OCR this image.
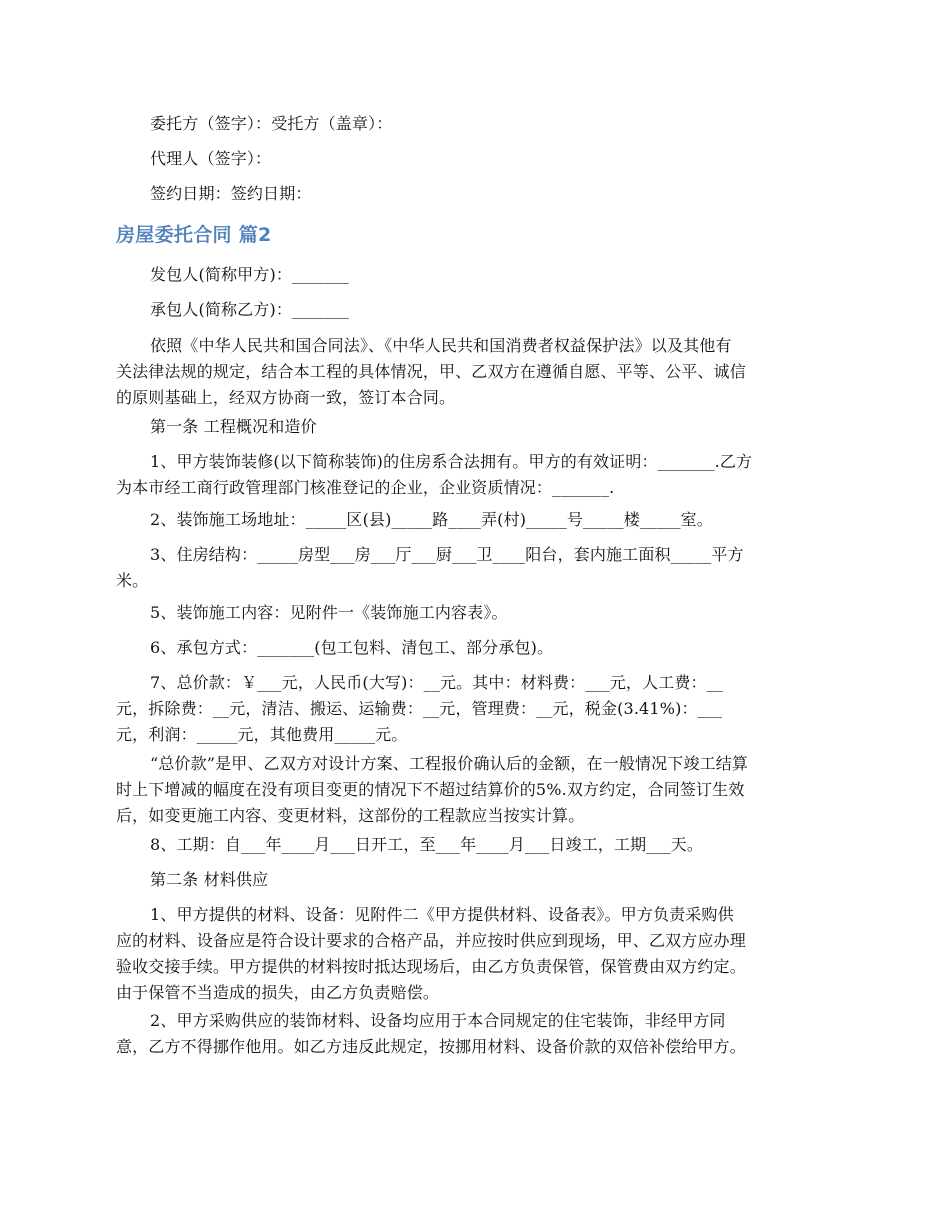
委托方（签字）：受托方（盖章）：

代理人（签字）：

签约日期：签约日期：

房屋委托合同 篇2

发包人(简称甲方)：_______

承包人(简称乙方)：_______

依照《中华人民共和国合同法》、《中华人民共和国消费者权益保护法》以及其他有
关法律法规的规定，结合本工程的具体情况，甲、乙双方在遵循自愿、平等、公平、诚信
的原则基础上，经双方协商一致，签订本合同。

第一条 工程概况和造价

1、甲方装饰装修(以下简称装饰)的住房系合法拥有。甲方的有效证明：_______.乙方
为本市经工商行政管理部门核准登记的企业，企业资质情况：_______.

2、装饰施工场地址：_____区(县)_____路____弄(村)_____号_____楼_____室。

3、住房结构：_____房型___房___厅___厨___卫____阳台，套内施工面积_____平方
米。

5、装饰施工内容：见附件一《装饰施工内容表》。

6、承包方式：_______(包工包料、清包工、部分承包)。

7、总价款：￥___元，人民币(大写)：__元。其中：材料费：___元，人工费：__
元，拆除费：__元，清洁、搬运、运输费：__元，管理费：__元，税金(3.41%)：___
元，利润：_____元，其他费用_____元。
“总价款”是甲、乙双方对设计方案、工程报价确认后的金额，在一般情况下竣工结算
时上下增减的幅度在没有项目变更的情况下不超过结算价的5%.双方约定，合同签订生效
后，如变更施工内容、变更材料，这部份的工程款应当按实计算。

8、工期：自___年____月___日开工，至___年____月___日竣工，工期___天。

第二条 材料供应

1、甲方提供的材料、设备：见附件二《甲方提供材料、设备表》。甲方负责采购供
应的材料、设备应是符合设计要求的合格产品，并应按时供应到现场，甲、乙双方应办理
验收交接手续。甲方提供的材料按时抵达现场后，由乙方负责保管，保管费由双方约定。
由于保管不当造成的损失，由乙方负责赔偿。
2、甲方采购供应的装饰材料、设备均应用于本合同规定的住宅装饰，非经甲方同
意，乙方不得挪作他用。如乙方违反此规定，按挪用材料、设备价款的双倍补偿给甲方。
